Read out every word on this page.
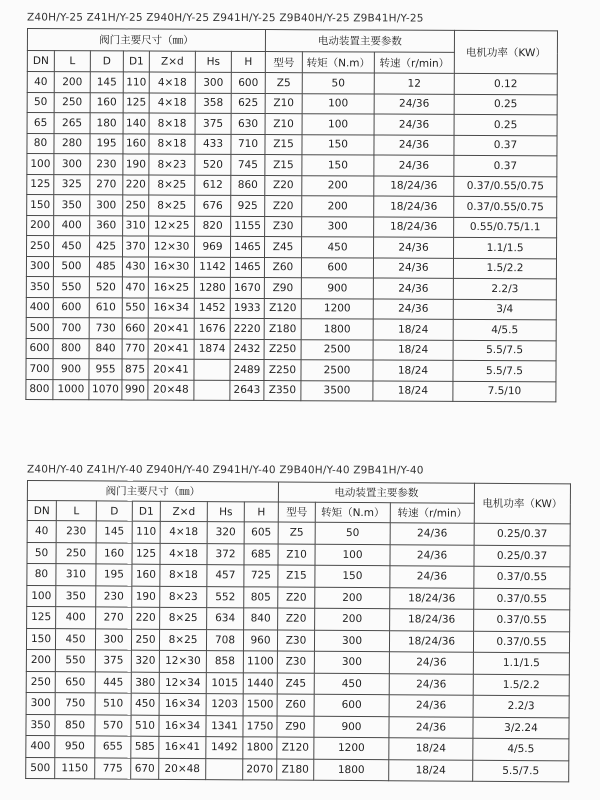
Z40H/Y-25 Z41H/Y-25 Z940H/Y-25 Z941H/Y-25 Z9B40H/Y-25 Z9B41H/Y-25
阀门主要尺寸（㎜）							电动装置主要参数			电机功率（KW）
DN	L	D	D1	Z×d	Hs	H	型号	转矩（N.m）	转速（r/min）	
40	200	145	110	4×18	300	600	Z5	50	12	0.12
50	250	160	125	4×18	358	625	Z10	100	24/36	0.25
65	265	180	140	8×18	375	630	Z10	100	24/36	0.25
80	280	195	160	8×18	433	710	Z15	150	24/36	0.37
100	300	230	190	8×23	520	745	Z15	150	24/36	0.37
125	325	270	220	8×25	612	860	Z20	200	18/24/36	0.37/0.55/0.75
150	350	300	250	8×25	676	925	Z20	200	18/24/36	0.37/0.55/0.75
200	400	360	310	12×25	820	1155	Z30	300	18/24/36	0.55/0.75/1.1
250	450	425	370	12×30	969	1465	Z45	450	24/36	1.1/1.5
300	500	485	430	16×30	1142	1465	Z60	600	24/36	1.5/2.2
350	550	520	470	16×25	1280	1670	Z90	900	24/36	2.2/3
400	600	610	550	16×34	1452	1933	Z120	1200	24/36	3/4
500	700	730	660	20×41	1676	2220	Z180	1800	18/24	4/5.5
600	800	840	770	20×41	1874	2432	Z250	2500	18/24	5.5/7.5
700	900	955	875	20×41		2489	Z250	2500	18/24	5.5/7.5
800	1000	1070	990	20×48		2643	Z350	3500	18/24	7.5/10
Z40H/Y-40 Z41H/Y-40 Z940H/Y-40 Z941H/Y-40 Z9B40H/Y-40 Z9B41H/Y-40
阀门主要尺寸（㎜）							电动装置主要参数			电机功率（KW）
DN	L	D	D1	Z×d	Hs	H	型号	转矩（N.m）	转速（r/min）	
40	230	145	110	4×18	320	605	Z5	50	24/36	0.25/0.37
50	250	160	125	4×18	372	685	Z10	100	24/36	0.25/0.37
80	310	195	160	8×18	457	725	Z15	150	24/36	0.37/0.55
100	350	230	190	8×23	552	805	Z20	200	18/24/36	0.37/0.55
125	400	270	220	8×25	634	840	Z20	200	18/24/36	0.37/0.55
150	450	300	250	8×25	708	960	Z30	300	18/24/36	0.37/0.55
200	550	375	320	12×30	858	1100	Z30	300	24/36	1.1/1.5
250	650	445	380	12×34	1015	1440	Z45	450	24/36	1.5/2.2
300	750	510	450	16×34	1203	1500	Z60	600	24/36	2.2/3
350	850	570	510	16×34	1341	1750	Z90	900	24/36	3/2.24
400	950	655	585	16×41	1492	1800	Z120	1200	18/24	4/5.5
500	1150	775	670	20×48		2070	Z180	1800	18/24	5.5/7.5
